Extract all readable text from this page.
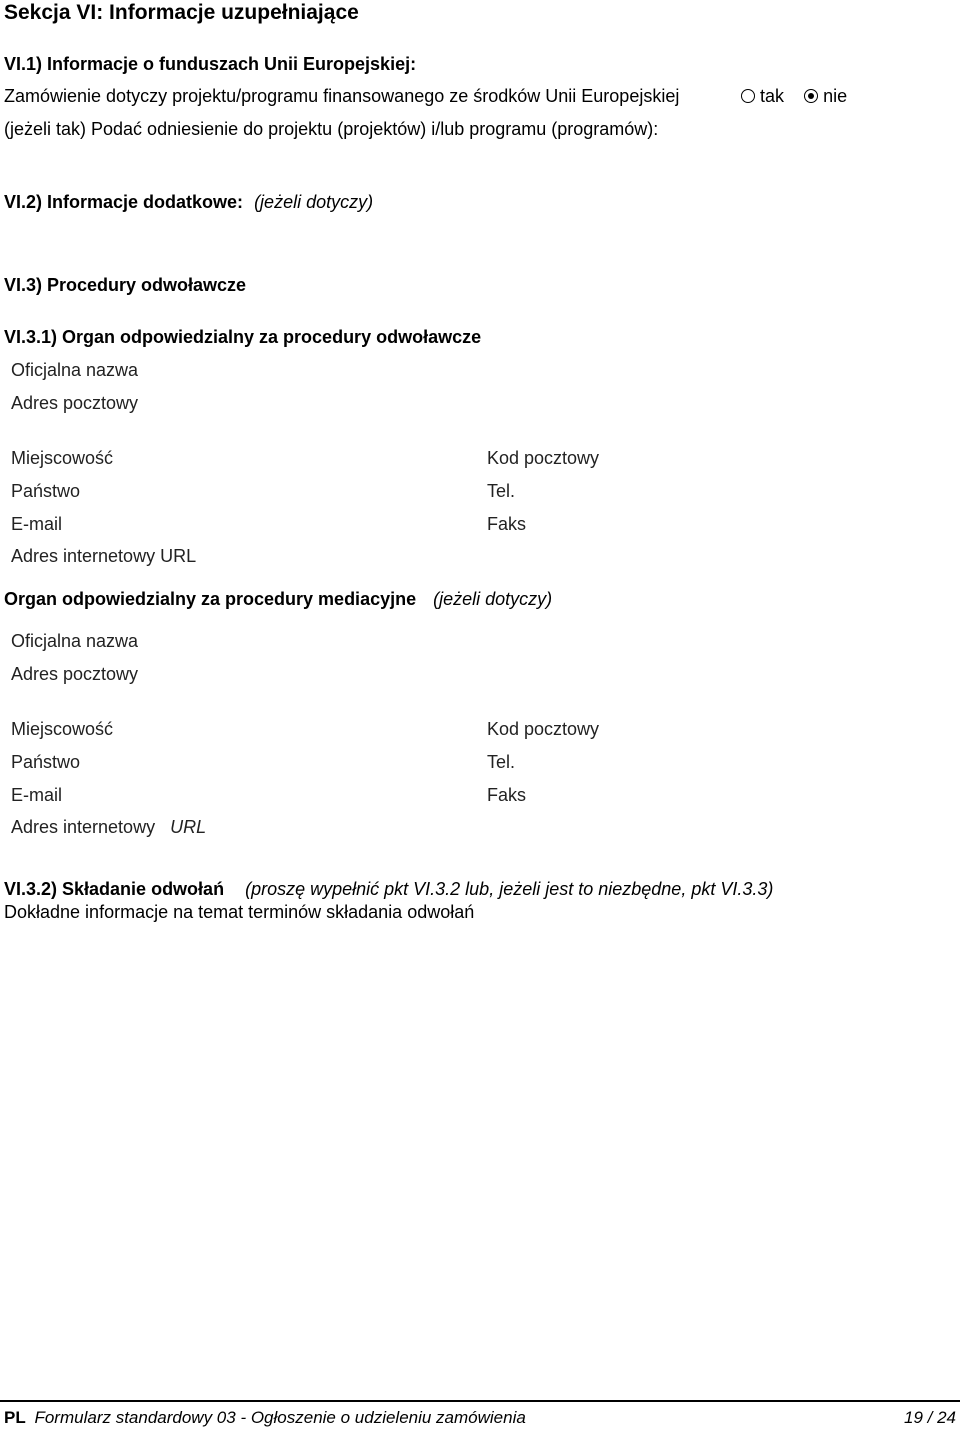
Sekcja VI: Informacje uzupełniające
VI.1) Informacje o funduszach Unii Europejskiej:
Zamówienie dotyczy projektu/programu finansowanego ze środków Unii Europejskiej	tak nie
(jeżeli tak) Podać odniesienie do projektu (projektów) i/lub programu (programów):
VI.2) Informacje dodatkowe: (jeżeli dotyczy)
VI.3) Procedury odwoławcze
VI.3.1) Organ odpowiedzialny za procedury odwoławcze
Oficjalna nazwa
Adres pocztowy
Miejscowość	Kod pocztowy
Państwo	Tel.
E-mail	Faks
Adres internetowy URL
Organ odpowiedzialny za procedury mediacyjne (jeżeli dotyczy)
Oficjalna nazwa
Adres pocztowy
Miejscowość	Kod pocztowy
Państwo	Tel.
E-mail	Faks
Adres internetowy URL
VI.3.2) Składanie odwołań (proszę wypełnić pkt VI.3.2 lub, jeżeli jest to niezbędne, pkt VI.3.3)
Dokładne informacje na temat terminów składania odwołań
PL Formularz standardowy 03 - Ogłoszenie o udzieleniu zamówienia	19 / 24
